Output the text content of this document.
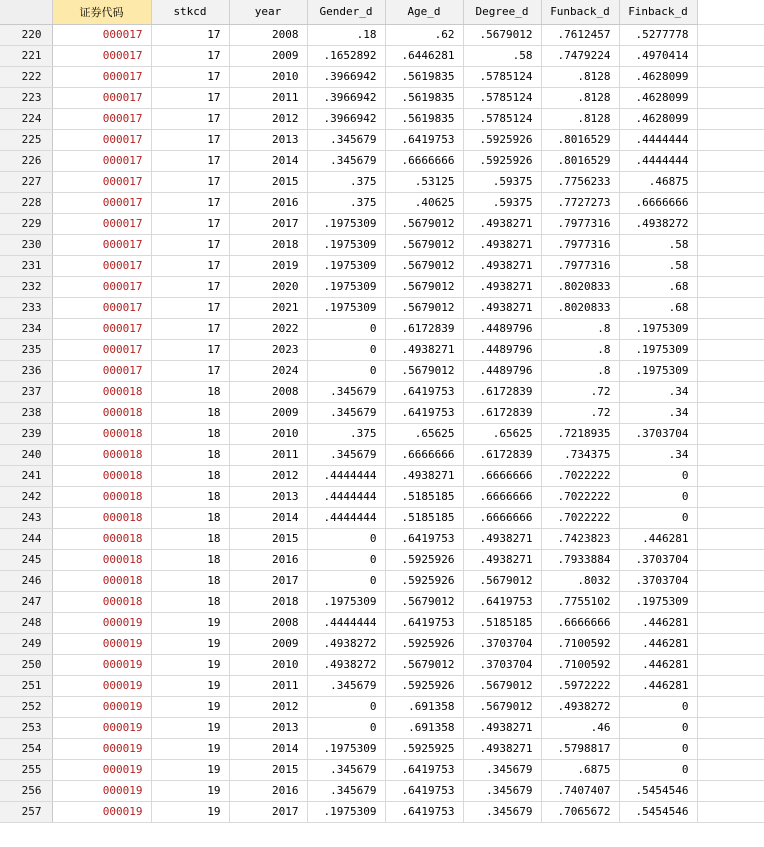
	证券代码	stkcd	year	Gender_d	Age_d	Degree_d	Funback_d	Finback_d	
220	000017	17	2008	.18	.62	.5679012	.7612457	.5277778	
221	000017	17	2009	.1652892	.6446281	.58	.7479224	.4970414	
222	000017	17	2010	.3966942	.5619835	.5785124	.8128	.4628099	
223	000017	17	2011	.3966942	.5619835	.5785124	.8128	.4628099	
224	000017	17	2012	.3966942	.5619835	.5785124	.8128	.4628099	
225	000017	17	2013	.345679	.6419753	.5925926	.8016529	.4444444	
226	000017	17	2014	.345679	.6666666	.5925926	.8016529	.4444444	
227	000017	17	2015	.375	.53125	.59375	.7756233	.46875	
228	000017	17	2016	.375	.40625	.59375	.7727273	.6666666	
229	000017	17	2017	.1975309	.5679012	.4938271	.7977316	.4938272	
230	000017	17	2018	.1975309	.5679012	.4938271	.7977316	.58	
231	000017	17	2019	.1975309	.5679012	.4938271	.7977316	.58	
232	000017	17	2020	.1975309	.5679012	.4938271	.8020833	.68	
233	000017	17	2021	.1975309	.5679012	.4938271	.8020833	.68	
234	000017	17	2022	0	.6172839	.4489796	.8	.1975309	
235	000017	17	2023	0	.4938271	.4489796	.8	.1975309	
236	000017	17	2024	0	.5679012	.4489796	.8	.1975309	
237	000018	18	2008	.345679	.6419753	.6172839	.72	.34	
238	000018	18	2009	.345679	.6419753	.6172839	.72	.34	
239	000018	18	2010	.375	.65625	.65625	.7218935	.3703704	
240	000018	18	2011	.345679	.6666666	.6172839	.734375	.34	
241	000018	18	2012	.4444444	.4938271	.6666666	.7022222	0	
242	000018	18	2013	.4444444	.5185185	.6666666	.7022222	0	
243	000018	18	2014	.4444444	.5185185	.6666666	.7022222	0	
244	000018	18	2015	0	.6419753	.4938271	.7423823	.446281	
245	000018	18	2016	0	.5925926	.4938271	.7933884	.3703704	
246	000018	18	2017	0	.5925926	.5679012	.8032	.3703704	
247	000018	18	2018	.1975309	.5679012	.6419753	.7755102	.1975309	
248	000019	19	2008	.4444444	.6419753	.5185185	.6666666	.446281	
249	000019	19	2009	.4938272	.5925926	.3703704	.7100592	.446281	
250	000019	19	2010	.4938272	.5679012	.3703704	.7100592	.446281	
251	000019	19	2011	.345679	.5925926	.5679012	.5972222	.446281	
252	000019	19	2012	0	.691358	.5679012	.4938272	0	
253	000019	19	2013	0	.691358	.4938271	.46	0	
254	000019	19	2014	.1975309	.5925925	.4938271	.5798817	0	
255	000019	19	2015	.345679	.6419753	.345679	.6875	0	
256	000019	19	2016	.345679	.6419753	.345679	.7407407	.5454546	
257	000019	19	2017	.1975309	.6419753	.345679	.7065672	.5454546	
